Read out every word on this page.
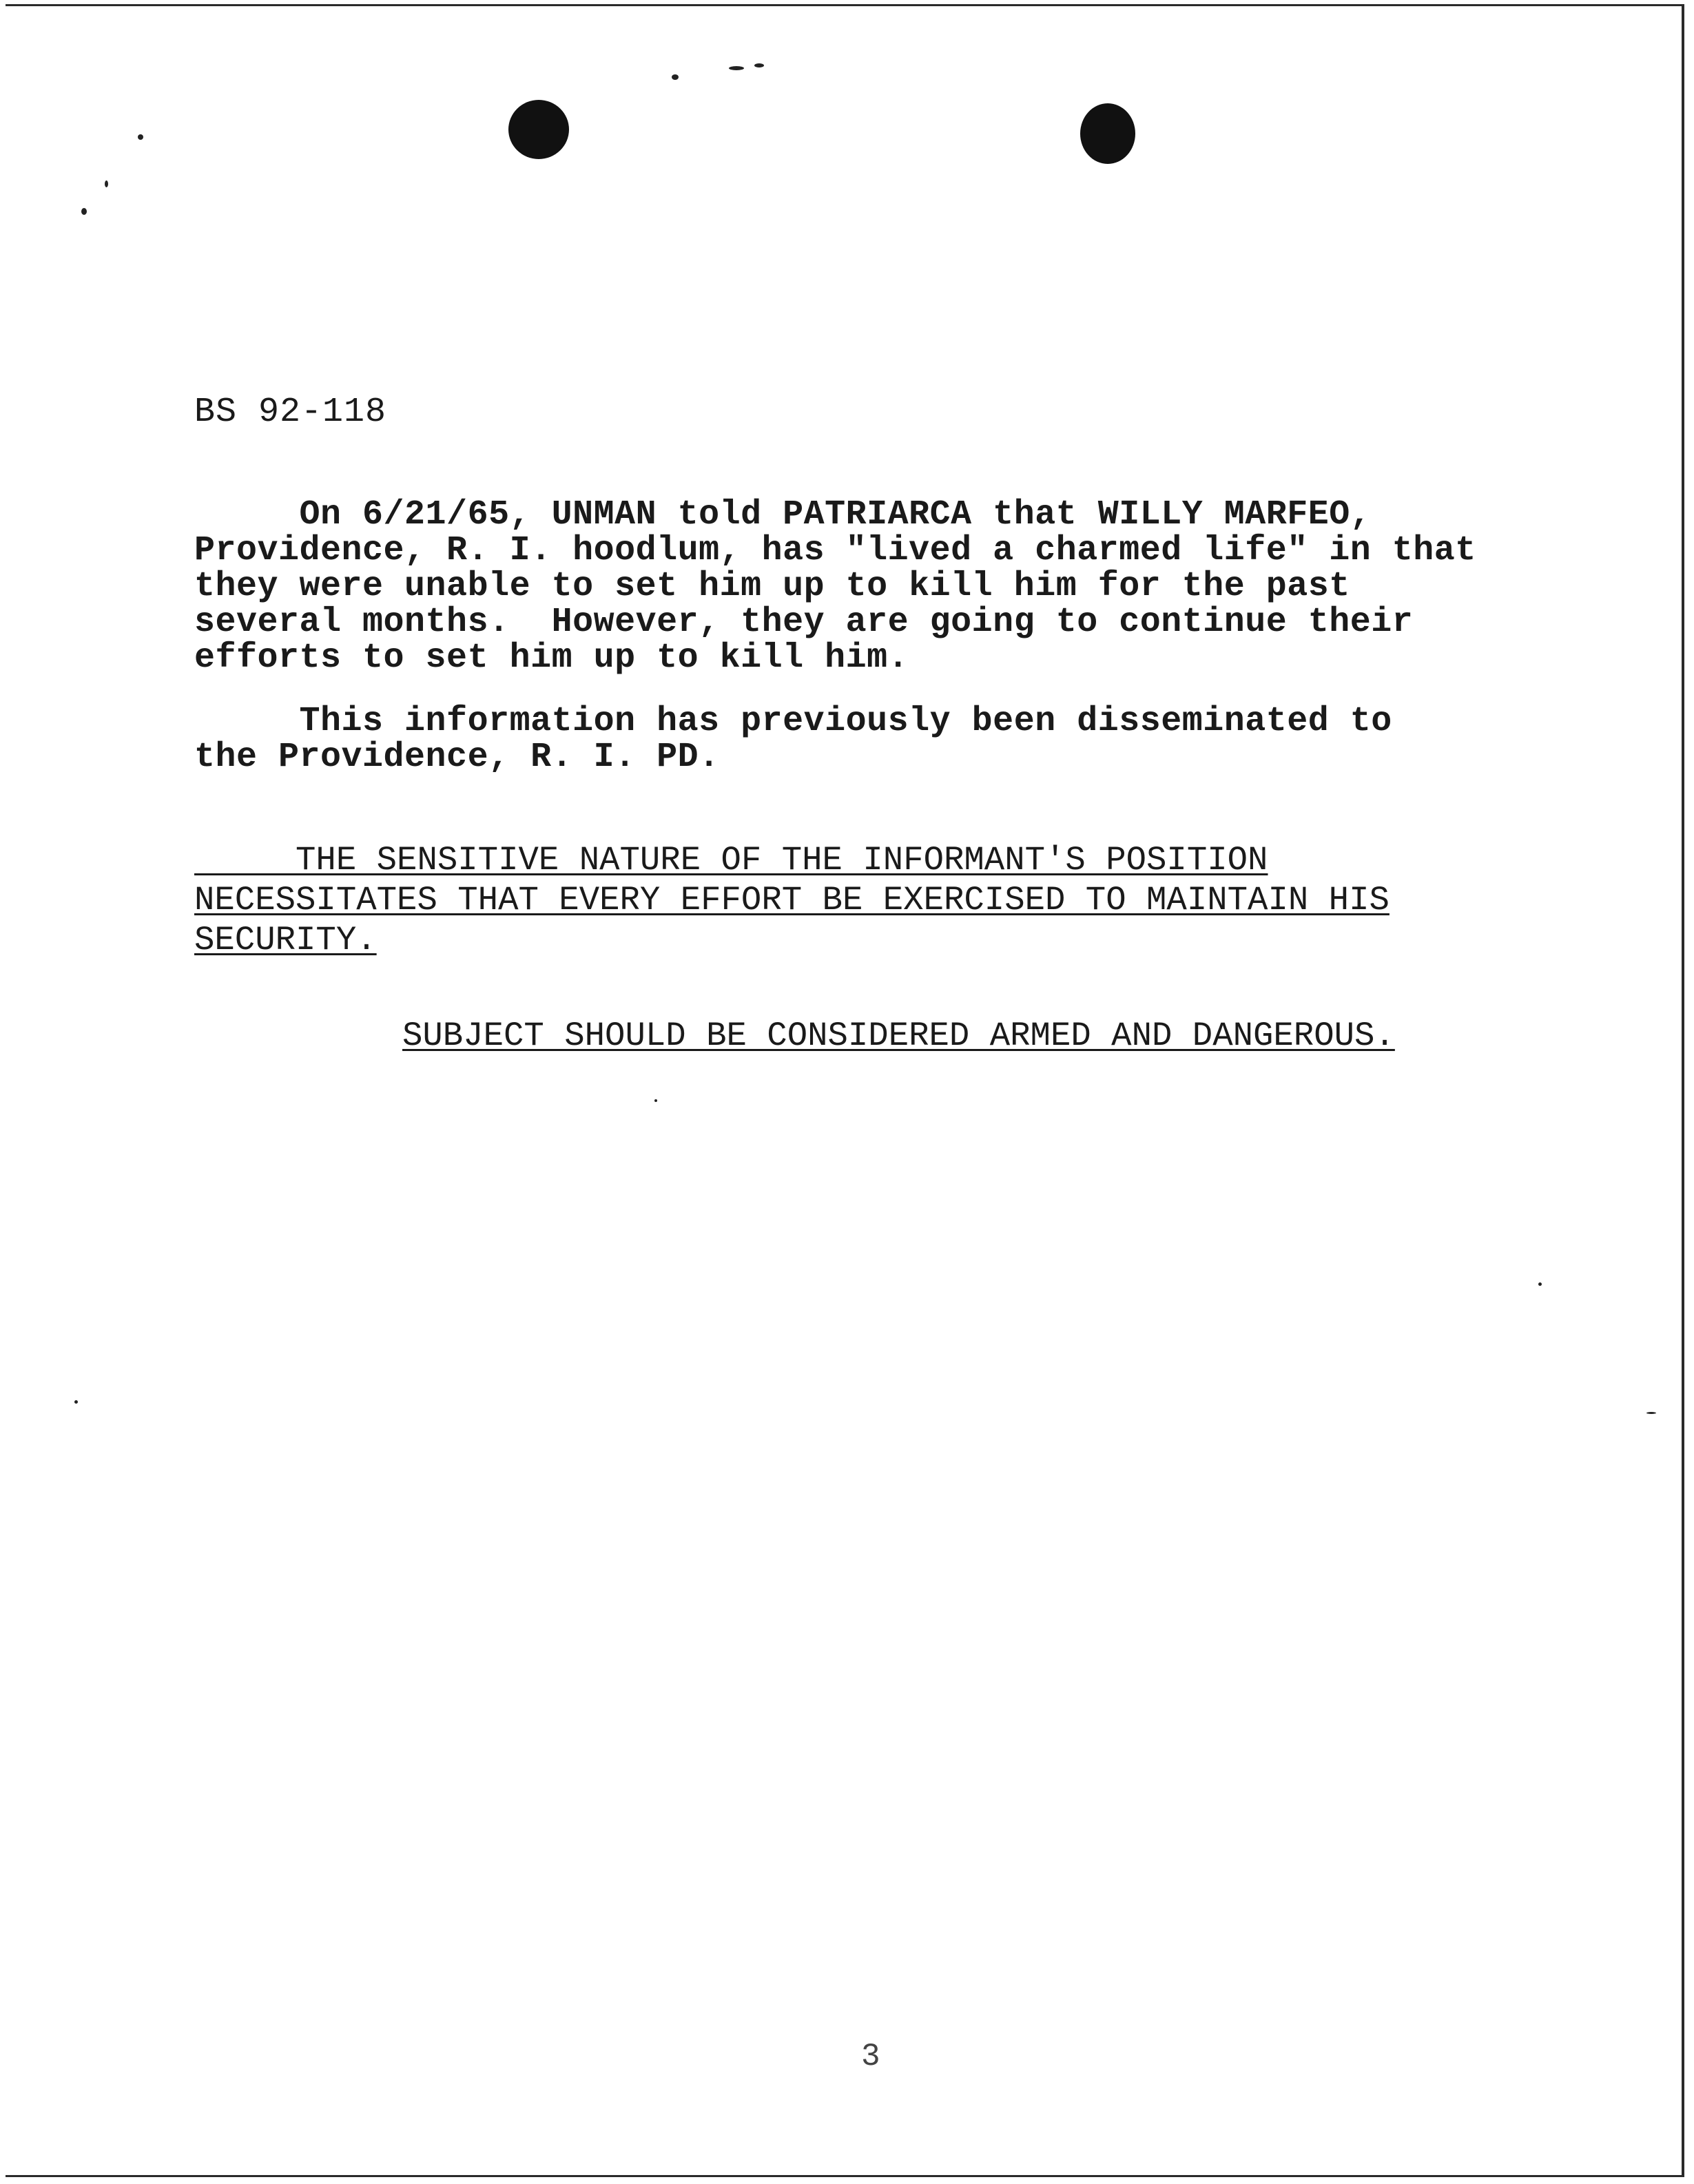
BS 92-118
On 6/21/65, UNMAN told PATRIARCA that WILLY MARFEO,
Providence, R. I. hoodlum, has "lived a charmed life" in that
they were unable to set him up to kill him for the past
several months.  However, they are going to continue their
efforts to set him up to kill him.
This information has previously been disseminated to
the Providence, R. I. PD.
THE SENSITIVE NATURE OF THE INFORMANT'S POSITION
NECESSITATES THAT EVERY EFFORT BE EXERCISED TO MAINTAIN HIS
SECURITY.
SUBJECT SHOULD BE CONSIDERED ARMED AND DANGEROUS.
3
